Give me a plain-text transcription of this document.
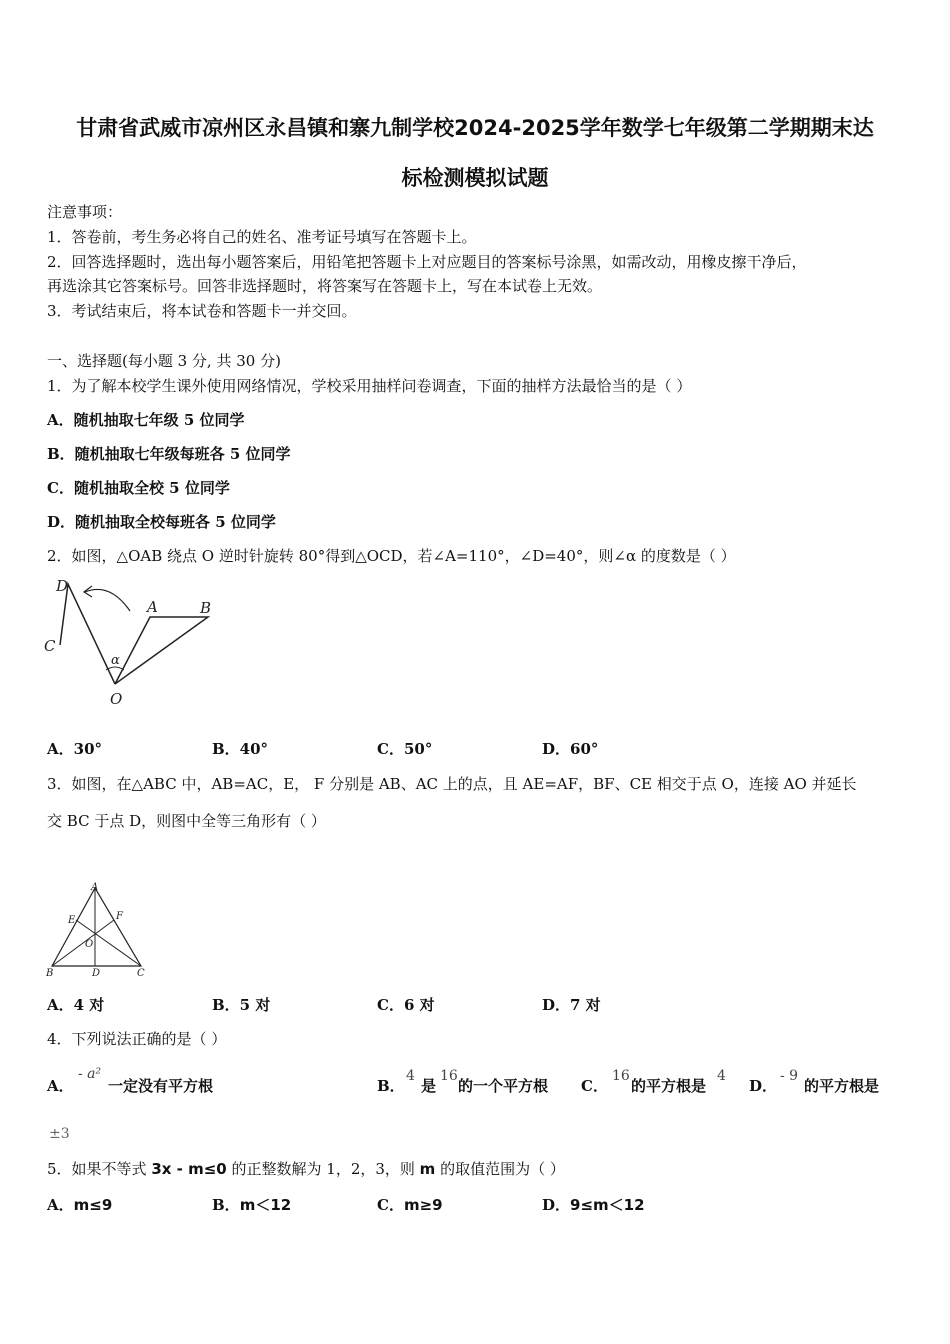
甘肃省武威市凉州区永昌镇和寨九制学校2024-2025学年数学七年级第二学期期末达
标检测模拟试题
注意事项：
1．答卷前，考生务必将自己的姓名、准考证号填写在答题卡上。
2．回答选择题时，选出每小题答案后，用铅笔把答题卡上对应题目的答案标号涂黑，如需改动，用橡皮擦干净后，
再选涂其它答案标号。回答非选择题时，将答案写在答题卡上，写在本试卷上无效。
3．考试结束后，将本试卷和答题卡一并交回。
一、选择题(每小题 3 分, 共 30 分)
1．为了解本校学生课外使用网络情况，学校采用抽样问卷调查，下面的抽样方法最恰当的是（ ）
A．随机抽取七年级 5 位同学
B．随机抽取七年级每班各 5 位同学
C．随机抽取全校 5 位同学
D．随机抽取全校每班各 5 位同学
2．如图，△OAB 绕点 O 逆时针旋转 80°得到△OCD，若∠A=110°，∠D=40°，则∠α 的度数是（ ）
D
C
A	B
O
α
A．30°	B．40°	C．50°	D．60°
3．如图，在△ABC 中，AB=AC，E， F 分别是 AB、AC 上的点，且 AE=AF，BF、CE 相交于点 O，连接 AO 并延长
交 BC 于点 D，则图中全等三角形有（ ）
A
B	C
D
E	F
O
A．4 对	B．5 对	C．6 对	D．7 对
4．下列说法正确的是（ ）
A．
- a²
一定没有平方根	B．
4
是
16
的一个平方根 C．
16
的平方根是
4
D．
- 9
的平方根是
±3
5．如果不等式 3x - m≤0 的正整数解为 1，2，3，则 m 的取值范围为（ ）
A．m≤9	B．m＜12	C．m≥9	D．9≤m＜12
